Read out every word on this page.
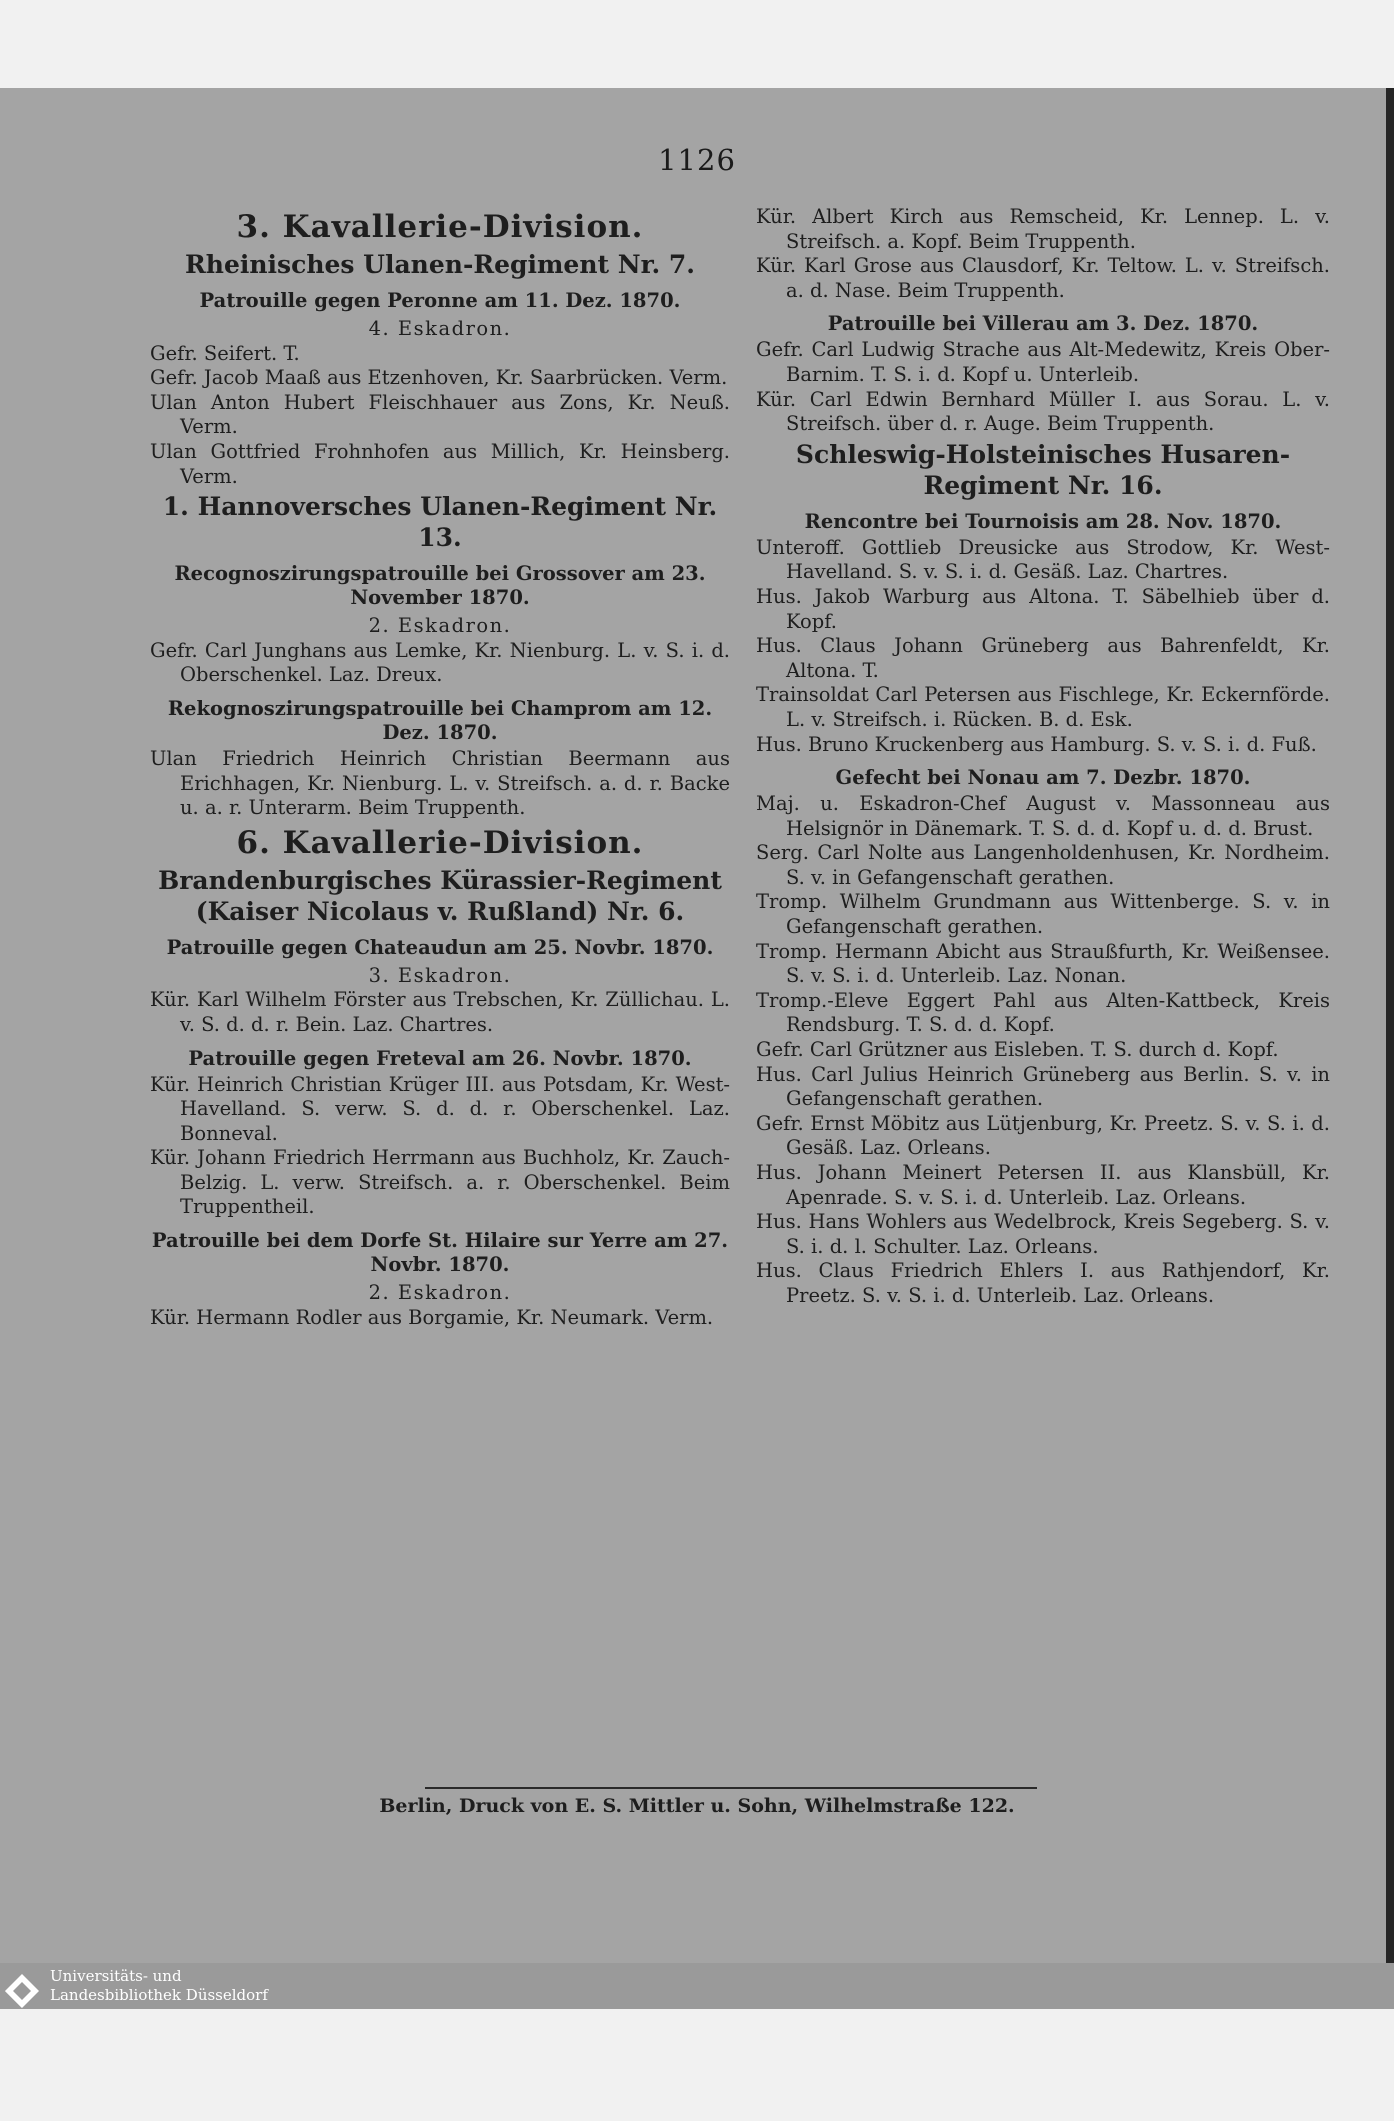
1126
3. Kavallerie-Division.
Rheinisches Ulanen-Regiment Nr. 7.
Patrouille gegen Peronne am 11. Dez. 1870.
4. Eskadron.
Gefr. Seifert. T.
Gefr. Jacob Maaß aus Etzenhoven, Kr. Saarbrücken. Verm.
Ulan Anton Hubert Fleischhauer aus Zons, Kr. Neuß. Verm.
Ulan Gottfried Frohnhofen aus Millich, Kr. Heinsberg. Verm.
1. Hannoversches Ulanen-Regiment Nr. 13.
Recognoszirungspatrouille bei Grossover am 23. November 1870.
2. Eskadron.
Gefr. Carl Junghans aus Lemke, Kr. Nienburg. L. v. S. i. d. Oberschenkel. Laz. Dreux.
Rekognoszirungspatrouille bei Champrom am 12. Dez. 1870.
Ulan Friedrich Heinrich Christian Beermann aus Erichhagen, Kr. Nienburg. L. v. Streifsch. a. d. r. Backe u. a. r. Unterarm. Beim Truppenth.
6. Kavallerie-Division.
Brandenburgisches Kürassier-Regiment (Kaiser Nicolaus v. Rußland) Nr. 6.
Patrouille gegen Chateaudun am 25. Novbr. 1870.
3. Eskadron.
Kür. Karl Wilhelm Förster aus Trebschen, Kr. Züllichau. L. v. S. d. d. r. Bein. Laz. Chartres.
Patrouille gegen Freteval am 26. Novbr. 1870.
Kür. Heinrich Christian Krüger III. aus Potsdam, Kr. West-Havelland. S. verw. S. d. d. r. Oberschenkel. Laz. Bonneval.
Kür. Johann Friedrich Herrmann aus Buchholz, Kr. Zauch-Belzig. L. verw. Streifsch. a. r. Oberschenkel. Beim Truppentheil.
Patrouille bei dem Dorfe St. Hilaire sur Yerre am 27. Novbr. 1870.
2. Eskadron.
Kür. Hermann Rodler aus Borgamie, Kr. Neumark. Verm.
Kür. Albert Kirch aus Remscheid, Kr. Lennep. L. v. Streifsch. a. Kopf. Beim Truppenth.
Kür. Karl Grose aus Clausdorf, Kr. Teltow. L. v. Streifsch. a. d. Nase. Beim Truppenth.
Patrouille bei Villerau am 3. Dez. 1870.
Gefr. Carl Ludwig Strache aus Alt-Medewitz, Kreis Ober-Barnim. T. S. i. d. Kopf u. Unterleib.
Kür. Carl Edwin Bernhard Müller I. aus Sorau. L. v. Streifsch. über d. r. Auge. Beim Truppenth.
Schleswig-Holsteinisches Husaren-Regiment Nr. 16.
Rencontre bei Tournoisis am 28. Nov. 1870.
Unteroff. Gottlieb Dreusicke aus Strodow, Kr. West-Havelland. S. v. S. i. d. Gesäß. Laz. Chartres.
Hus. Jakob Warburg aus Altona. T. Säbelhieb über d. Kopf.
Hus. Claus Johann Grüneberg aus Bahrenfeldt, Kr. Altona. T.
Trainsoldat Carl Petersen aus Fischlege, Kr. Eckernförde. L. v. Streifsch. i. Rücken. B. d. Esk.
Hus. Bruno Kruckenberg aus Hamburg. S. v. S. i. d. Fuß.
Gefecht bei Nonau am 7. Dezbr. 1870.
Maj. u. Eskadron-Chef August v. Massonneau aus Helsignör in Dänemark. T. S. d. d. Kopf u. d. d. Brust.
Serg. Carl Nolte aus Langenholdenhusen, Kr. Nordheim. S. v. in Gefangenschaft gerathen.
Tromp. Wilhelm Grundmann aus Wittenberge. S. v. in Gefangenschaft gerathen.
Tromp. Hermann Abicht aus Straußfurth, Kr. Weißensee. S. v. S. i. d. Unterleib. Laz. Nonan.
Tromp.-Eleve Eggert Pahl aus Alten-Kattbeck, Kreis Rendsburg. T. S. d. d. Kopf.
Gefr. Carl Grützner aus Eisleben. T. S. durch d. Kopf.
Hus. Carl Julius Heinrich Grüneberg aus Berlin. S. v. in Gefangenschaft gerathen.
Gefr. Ernst Möbitz aus Lütjenburg, Kr. Preetz. S. v. S. i. d. Gesäß. Laz. Orleans.
Hus. Johann Meinert Petersen II. aus Klansbüll, Kr. Apenrade. S. v. S. i. d. Unterleib. Laz. Orleans.
Hus. Hans Wohlers aus Wedelbrock, Kreis Segeberg. S. v. S. i. d. l. Schulter. Laz. Orleans.
Hus. Claus Friedrich Ehlers I. aus Rathjendorf, Kr. Preetz. S. v. S. i. d. Unterleib. Laz. Orleans.
Berlin, Druck von E. S. Mittler u. Sohn, Wilhelmstraße 122.
Universitäts- und
Landesbibliothek Düsseldorf
